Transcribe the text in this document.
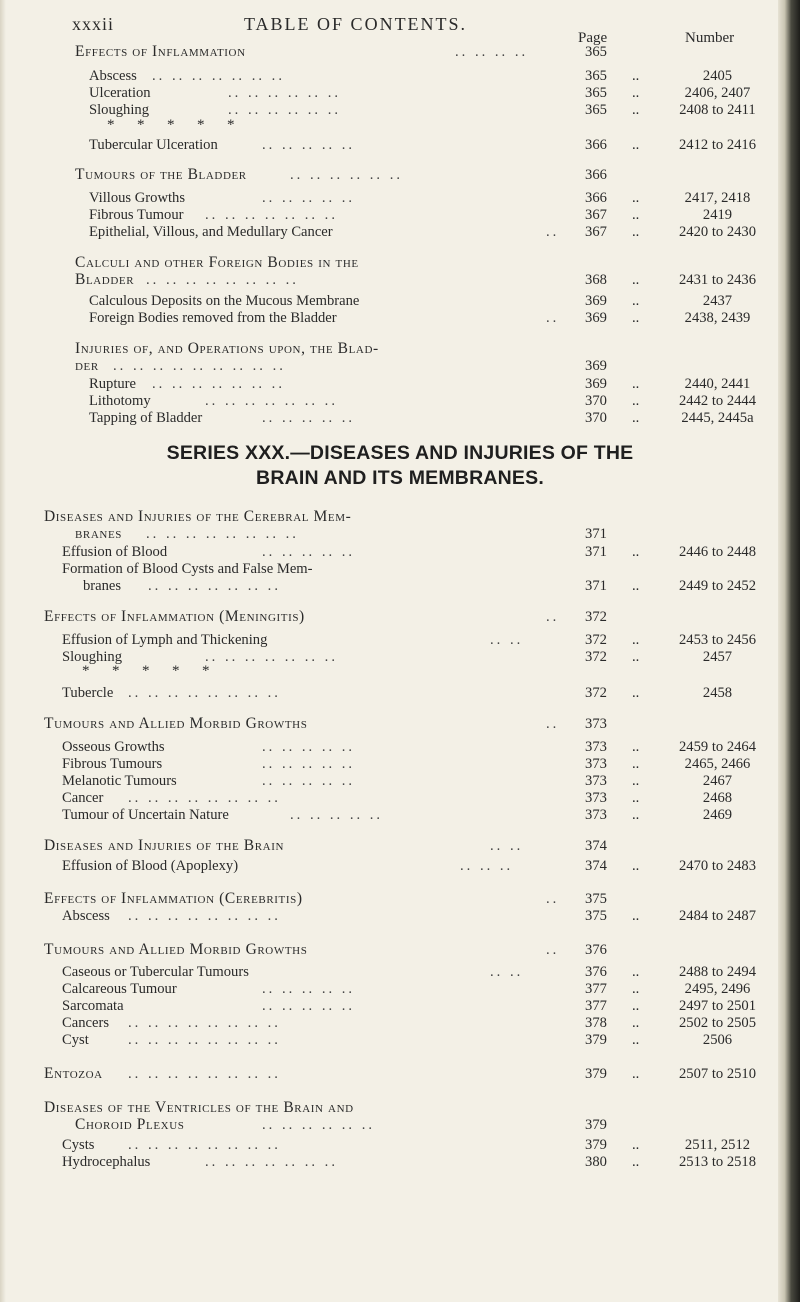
xxxii	TABLE OF CONTENTS.
Page	Number
Effects of Inflammation	.. .. .. ..	365
Abscess .. .. .. .. .. .. ..	365	..	2405
Ulceration	.. .. .. .. .. ..	365	..	2406, 2407
Sloughing	.. .. .. .. .. ..	365	..	2408 to 2411
*      *      *      *      *
Tubercular Ulceration	.. .. .. .. ..	366	..	2412 to 2416
Tumours of the Bladder	.. .. .. .. .. ..	366
Villous Growths	.. .. .. .. ..	366	..	2417, 2418
Fibrous Tumour .. .. .. .. .. .. ..	367	..	2419
Epithelial, Villous, and Medullary Cancer	..	367	..	2420 to 2430
Calculi and other Foreign Bodies in the
Bladder .. .. .. .. .. .. .. ..	368	..	2431 to 2436
Calculous Deposits on the Mucous Membrane	369	..	2437
Foreign Bodies removed from the Bladder	..	369	..	2438, 2439
Injuries of, and Operations upon, the Blad-
der .. .. .. .. .. .. .. .. ..	369
Rupture .. .. .. .. .. .. ..	369	..	2440, 2441
Lithotomy	.. .. .. .. .. .. ..	370	..	2442 to 2444
Tapping of Bladder	.. .. .. .. ..	370	..	2445, 2445a
SERIES XXX.—DISEASES AND INJURIES OF THE
BRAIN AND ITS MEMBRANES.
Diseases and Injuries of the Cerebral Mem-
branes .. .. .. .. .. .. .. ..	371
Effusion of Blood	.. .. .. .. ..	371	..	2446 to 2448
Formation of Blood Cysts and False Mem-
branes .. .. .. .. .. .. ..	371	..	2449 to 2452
Effects of Inflammation (Meningitis)	..	372
Effusion of Lymph and Thickening	.. ..	372	..	2453 to 2456
Sloughing	.. .. .. .. .. .. ..	372	..	2457
*      *      *      *      *
Tubercle .. .. .. .. .. .. .. ..	372	..	2458
Tumours and Allied Morbid Growths	..	373
Osseous Growths	.. .. .. .. ..	373	..	2459 to 2464
Fibrous Tumours	.. .. .. .. ..	373	..	2465, 2466
Melanotic Tumours	.. .. .. .. ..	373	..	2467
Cancer .. .. .. .. .. .. .. ..	373	..	2468
Tumour of Uncertain Nature	.. .. .. .. ..	373	..	2469
Diseases and Injuries of the Brain	.. ..	374
Effusion of Blood (Apoplexy)	.. .. ..	374	..	2470 to 2483
Effects of Inflammation (Cerebritis)	..	375
Abscess .. .. .. .. .. .. .. ..	375	..	2484 to 2487
Tumours and Allied Morbid Growths	..	376
Caseous or Tubercular Tumours	.. ..	376	..	2488 to 2494
Calcareous Tumour	.. .. .. .. ..	377	..	2495, 2496
Sarcomata	.. .. .. .. ..	377	..	2497 to 2501
Cancers .. .. .. .. .. .. .. ..	378	..	2502 to 2505
Cyst	.. .. .. .. .. .. .. ..	379	..	2506
Entozoa .. .. .. .. .. .. .. ..	379	..	2507 to 2510
Diseases of the Ventricles of the Brain and
Choroid Plexus	.. .. .. .. .. ..	379
Cysts .. .. .. .. .. .. .. ..	379	..	2511, 2512
Hydrocephalus	.. .. .. .. .. .. ..	380	..	2513 to 2518
